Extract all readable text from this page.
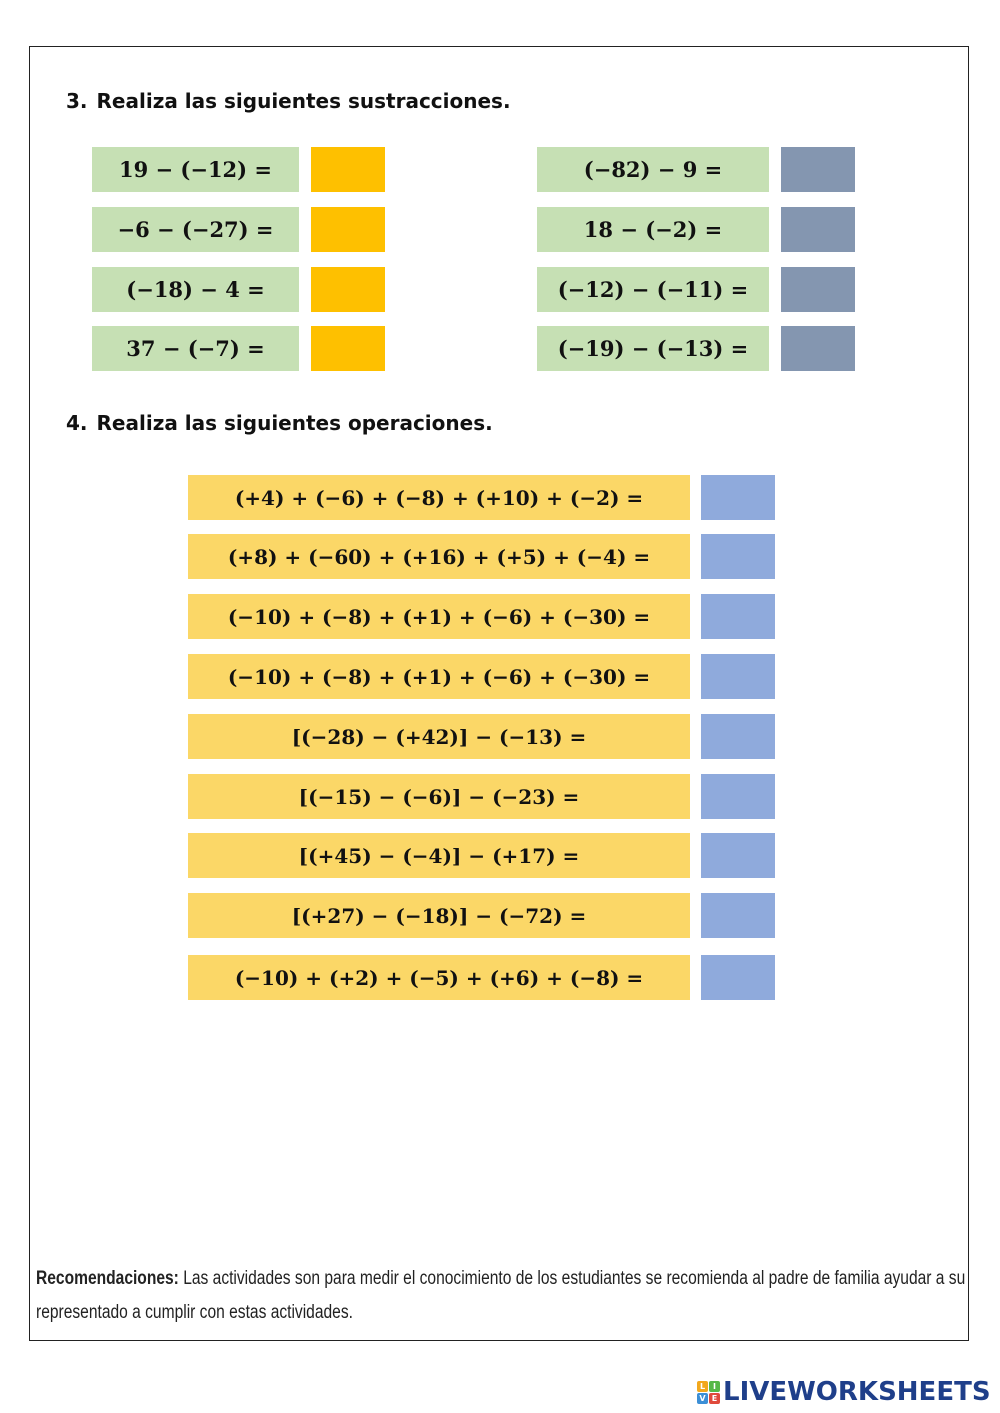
3. Realiza las siguientes sustracciones.
19 − (−12) =
−6 − (−27) =
(−18) − 4 =
37 − (−7) =
(−82) − 9 =
18 − (−2) =
(−12) − (−11) =
(−19) − (−13) =
4. Realiza las siguientes operaciones.
(+4) + (−6) + (−8) + (+10) + (−2) =
(+8) + (−60) + (+16) + (+5) + (−4) =
(−10) + (−8) + (+1) + (−6) + (−30) =
(−10) + (−8) + (+1) + (−6) + (−30) =
[(−28) − (+42)] − (−13) =
[(−15) − (−6)] − (−23) =
[(+45) − (−4)] − (+17) =
[(+27) − (−18)] − (−72) =
(−10) + (+2) + (−5) + (+6) + (−8) =
Recomendaciones: Las actividades son para medir el conocimiento de los estudiantes se recomienda al padre de familia ayudar a su representado a cumplir con estas actividades.
L I
V E LIVEWORKSHEETS
